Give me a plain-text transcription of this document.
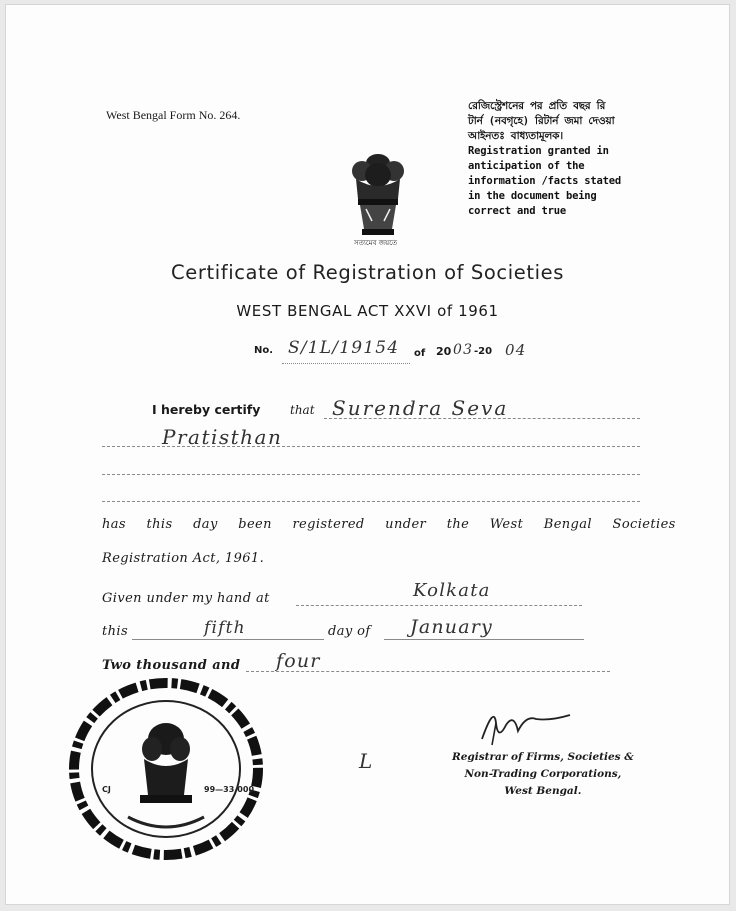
West Bengal Form No. 264.
রেজিস্ট্রেশনের পর প্রতি বছর রি
টার্ন (নবগৃহে) রিটার্ন জমা দেওয়া
আইনতঃ বাধ্যতামূলক।
Registration granted in
anticipation of the
information /facts stated
in the document being
correct and true
সত্যমেব জয়তে
Certificate of Registration of Societies
WEST BENGAL ACT XXVI of 1961
No. S/1L/19154 of 20 03 -20 04
I hereby certify that Surendra Seva
Pratisthan
has this day been registered under the West Bengal Societies
Registration Act, 1961.
Given under my hand at	Kolkata
this	fifth	day of January
Two thousand and four
Registrar of Firms, Societies &
Non-Trading Corporations,
West Bengal.
L
CJ	99—33,000
